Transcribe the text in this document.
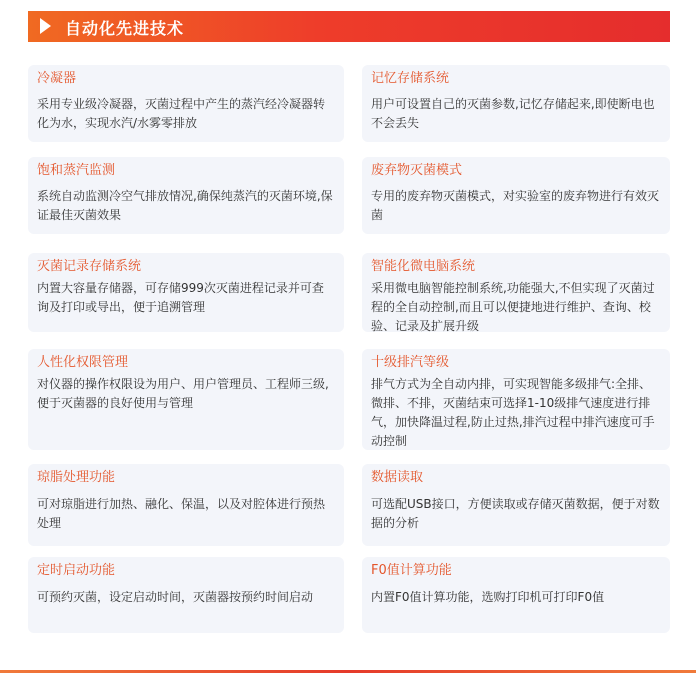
自动化先进技术
冷凝器
采用专业级冷凝器，灭菌过程中产生的蒸汽经冷凝器转化为水，实现水汽/水雾零排放
记忆存储系统
用户可设置自己的灭菌参数,记忆存储起来,即使断电也不会丢失
饱和蒸汽监测
系统自动监测冷空气排放情况,确保纯蒸汽的灭菌环境,保证最佳灭菌效果
废弃物灭菌模式
专用的废弃物灭菌模式，对实验室的废弃物进行有效灭菌
灭菌记录存储系统
内置大容量存储器，可存储999次灭菌进程记录并可查询及打印或导出，便于追溯管理
智能化微电脑系统
采用微电脑智能控制系统,功能强大,不但实现了灭菌过程的全自动控制,而且可以便捷地进行维护、查询、校验、记录及扩展升级
人性化权限管理
对仪器的操作权限设为用户、用户管理员、工程师三级,便于灭菌器的良好使用与管理
十级排汽等级
排气方式为全自动内排，可实现智能多级排气:全排、微排、不排，灭菌结束可选择1-10级排气速度进行排气，加快降温过程,防止过热,排汽过程中排汽速度可手动控制
琼脂处理功能
可对琼脂进行加热、融化、保温，以及对腔体进行预热处理
数据读取
可选配USB接口，方便读取或存储灭菌数据，便于对数据的分析
定时启动功能
可预约灭菌，设定启动时间，灭菌器按预约时间启动
F0值计算功能
内置F0值计算功能，选购打印机可打印F0值
